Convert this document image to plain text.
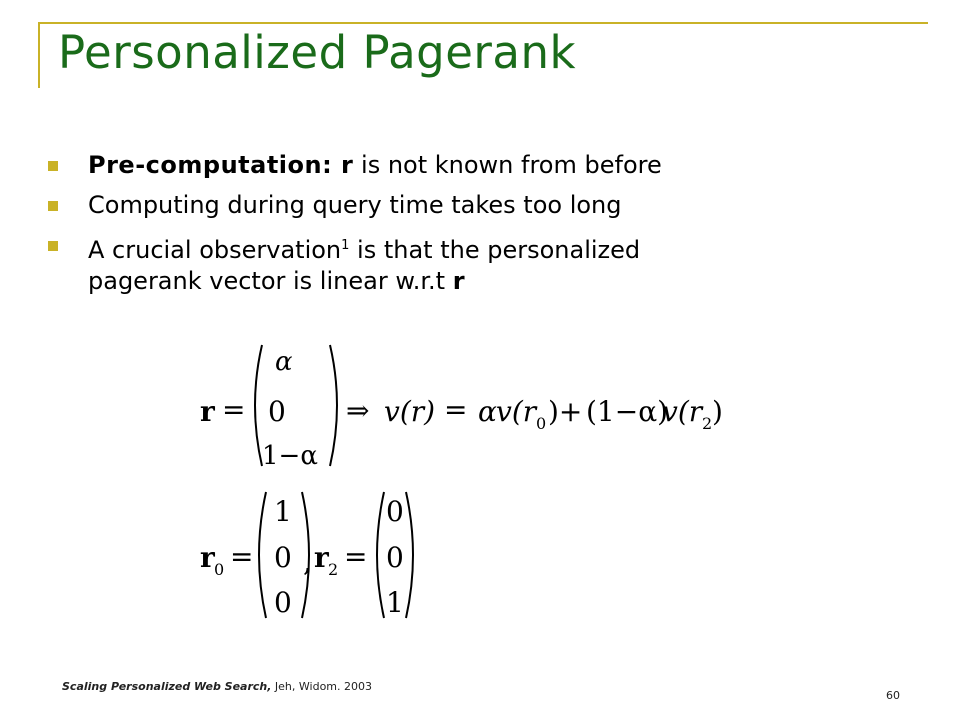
Personalized Pagerank
Pre-computation: r is not known from before
Computing during query time takes too long
A crucial observation$^1$ is that the personalized
pagerank vector is linear w.r.t r
r =
α
0
1−α
⇒ v(r) = α v(r 0 )+ (1−α)
v(r 2 )
r 0 =
1
0
0
, r 2 =
0
0
1
Scaling Personalized Web Search, Jeh, Widom. 2003
60
